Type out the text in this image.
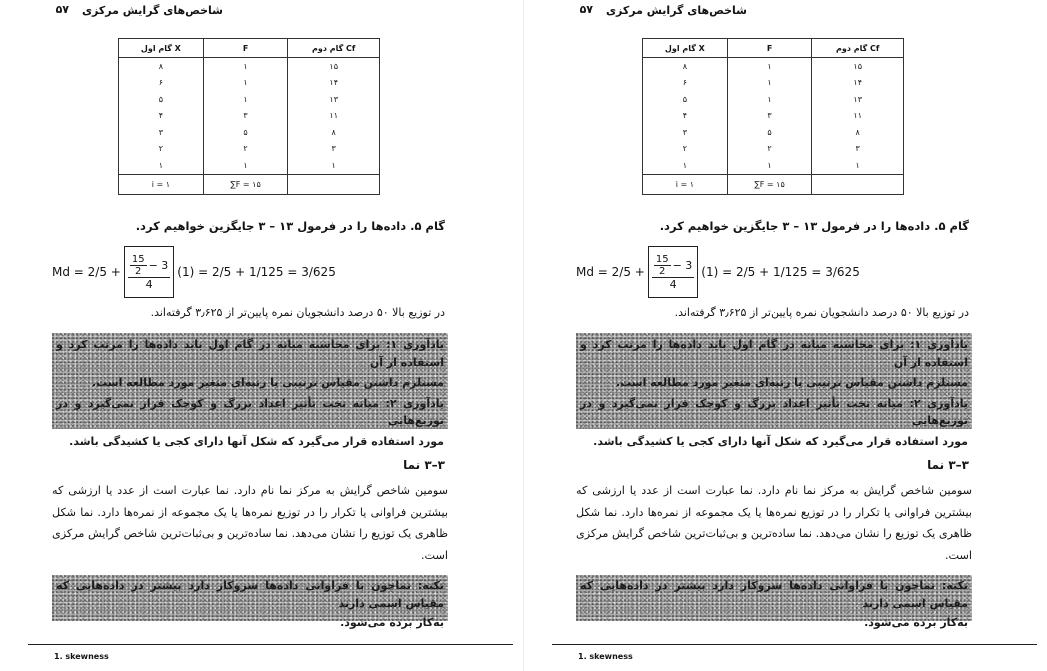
شاخص‌های گرایش مرکزی
۵۷
گام اول X	F	گام دوم Cf
۸	۱	۱۵
۶	۱	۱۴
۵	۱	۱۳
۴	۳	۱۱
۳	۵	۸
۲	۲	۳
۱	۱	۱
i = ۱	∑F = ۱۵	
گام ۵. داده‌ها را در فرمول ۱۳ – ۳ جایگزین خواهیم کرد.
$Md = 2/5 + \frac{\frac{15}{2} - 3}{4} (1) = 2/5 + 1/125 = 3/625$
در توزیع بالا ۵۰ درصد دانشجویان نمره پایین‌تر از ۳٫۶۲۵ گرفته‌اند.

یادآوری ۱: برای محاسبه میانه در گام اول باید داده‌ها را مرتب کرد و استفاده از آن

مستلزم داشتن مقیاس ترتیبی یا رتبه‌ای متغیر مورد مطالعه است.

یادآوری ۲: میانه تحت تأثیر اعداد بزرگ و کوچک قرار نمی‌گیرد و در توزیع‌هایی

مورد استفاده قرار می‌گیرد که شکل آنها دارای کجی یا کشیدگی باشد.

۳–۳ نما

سومین شاخص گرایش به مرکز نما نام دارد. نما عبارت است از عدد یا ارزشی که بیشترین فراوانی یا تکرار را در توزیع نمره‌ها یا یک مجموعه از نمره‌ها دارد. نما شکل ظاهری یک توزیع را نشان می‌دهد. نما ساده‌ترین و بی‌ثبات‌ترین شاخص گرایش مرکزی است.

نکته: نماچون با فراوانی داده‌ها سروکار دارد بیشتر در داده‌هایی که مقیاس اسمی دارند

به‌کار برده می‌شود.

1. skewness
شاخص‌های گرایش مرکزی
۵۷
گام اول X	F	گام دوم Cf
۸	۱	۱۵
۶	۱	۱۴
۵	۱	۱۳
۴	۳	۱۱
۳	۵	۸
۲	۲	۳
۱	۱	۱
i = ۱	∑F = ۱۵	
گام ۵. داده‌ها را در فرمول ۱۳ – ۳ جایگزین خواهیم کرد.
$Md = 2/5 + \frac{\frac{15}{2} - 3}{4} (1) = 2/5 + 1/125 = 3/625$
در توزیع بالا ۵۰ درصد دانشجویان نمره پایین‌تر از ۳٫۶۲۵ گرفته‌اند.

یادآوری ۱: برای محاسبه میانه در گام اول باید داده‌ها را مرتب کرد و استفاده از آن

مستلزم داشتن مقیاس ترتیبی یا رتبه‌ای متغیر مورد مطالعه است.

یادآوری ۲: میانه تحت تأثیر اعداد بزرگ و کوچک قرار نمی‌گیرد و در توزیع‌هایی

مورد استفاده قرار می‌گیرد که شکل آنها دارای کجی یا کشیدگی باشد.

۳–۳ نما

سومین شاخص گرایش به مرکز نما نام دارد. نما عبارت است از عدد یا ارزشی که بیشترین فراوانی یا تکرار را در توزیع نمره‌ها یا یک مجموعه از نمره‌ها دارد. نما شکل ظاهری یک توزیع را نشان می‌دهد. نما ساده‌ترین و بی‌ثبات‌ترین شاخص گرایش مرکزی است.

نکته: نماچون با فراوانی داده‌ها سروکار دارد بیشتر در داده‌هایی که مقیاس اسمی دارند

به‌کار برده می‌شود.

1. skewness
